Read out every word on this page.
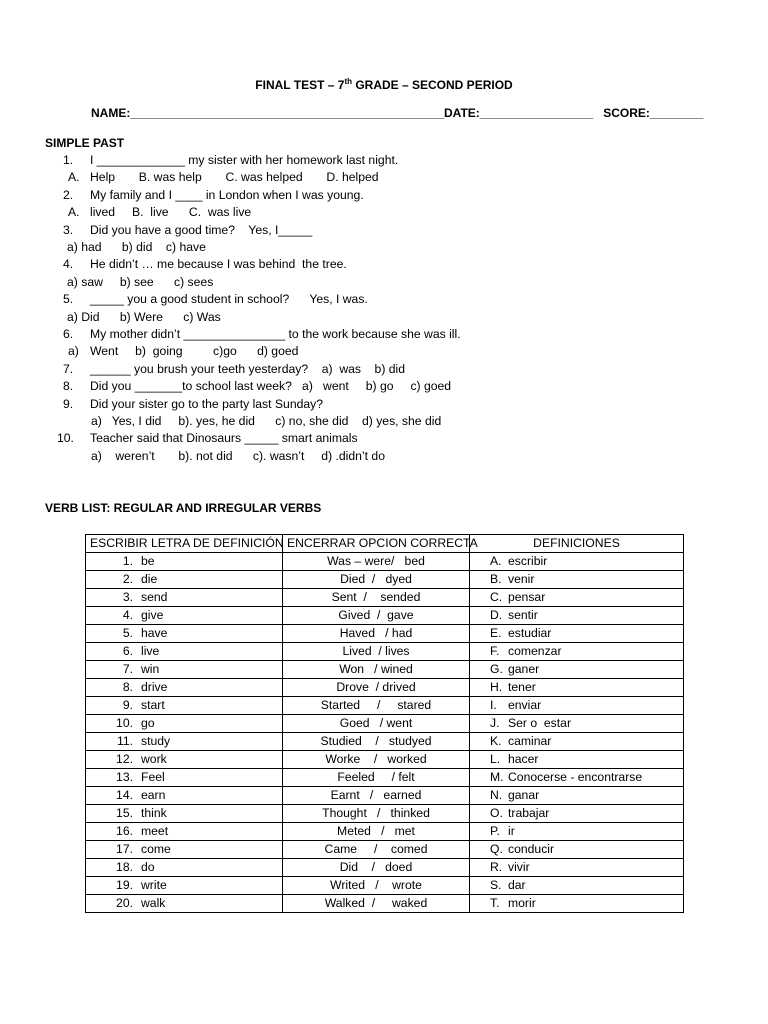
FINAL TEST – 7th GRADE – SECOND PERIOD
NAME:_______________________________________________DATE:_________________   SCORE:________
SIMPLE PAST
1. I _____________ my sister with her homework last night.
A. Help       B. was help       C. was helped       D. helped
2. My family and I ____ in London when I was young.
A. lived     B.  live      C.  was live
3. Did you have a good time?    Yes, I_____
a) had      b) did    c) have
4. He didn’t … me because I was behind  the tree.
a) saw     b) see      c) sees
5. _____ you a good student in school?      Yes, I was.
a) Did      b) Were      c) Was
6. My mother didn’t _______________ to the work because she was ill.
a) Went     b)  going         c)go      d) goed
7. ______ you brush your teeth yesterday?    a)  was    b) did
8. Did you _______to school last week?   a)   went     b) go     c) goed
9. Did your sister go to the party last Sunday?
a)   Yes, I did     b). yes, he did      c) no, she did    d) yes, she did
10. Teacher said that Dinosaurs _____ smart animals
a)    weren’t       b). not did      c). wasn’t     d) .didn’t do
VERB LIST: REGULAR AND IRREGULAR VERBS
ESCRIBIR LETRA DE DEFINICIÓN	ENCERRAR OPCION CORRECTA	DEFINICIONES
1. be	Was – were/   bed	A. escribir
2. die	Died  /   dyed	B. venir
3. send	Sent  /    sended	C. pensar
4. give	Gived  /  gave	D. sentir
5. have	Haved   / had	E. estudiar
6. live	Lived  / lives	F. comenzar
7. win	Won   / wined	G. ganer
8. drive	Drove  / drived	H. tener
9. start	Started     /     stared	I. enviar
10. go	Goed   / went	J. Ser o  estar
11. study	Studied    /   studyed	K. caminar
12. work	Worke    /   worked	L. hacer
13. Feel	Feeled     / felt	M. Conocerse - encontrarse
14. earn	Earnt   /   earned	N. ganar
15. think	Thought   /   thinked	O. trabajar
16. meet	Meted   /   met	P. ir
17. come	Came     /    comed	Q. conducir
18. do	Did    /   doed	R. vivir
19. write	Writed   /    wrote	S. dar
20. walk	Walked  /     waked	T. morir
